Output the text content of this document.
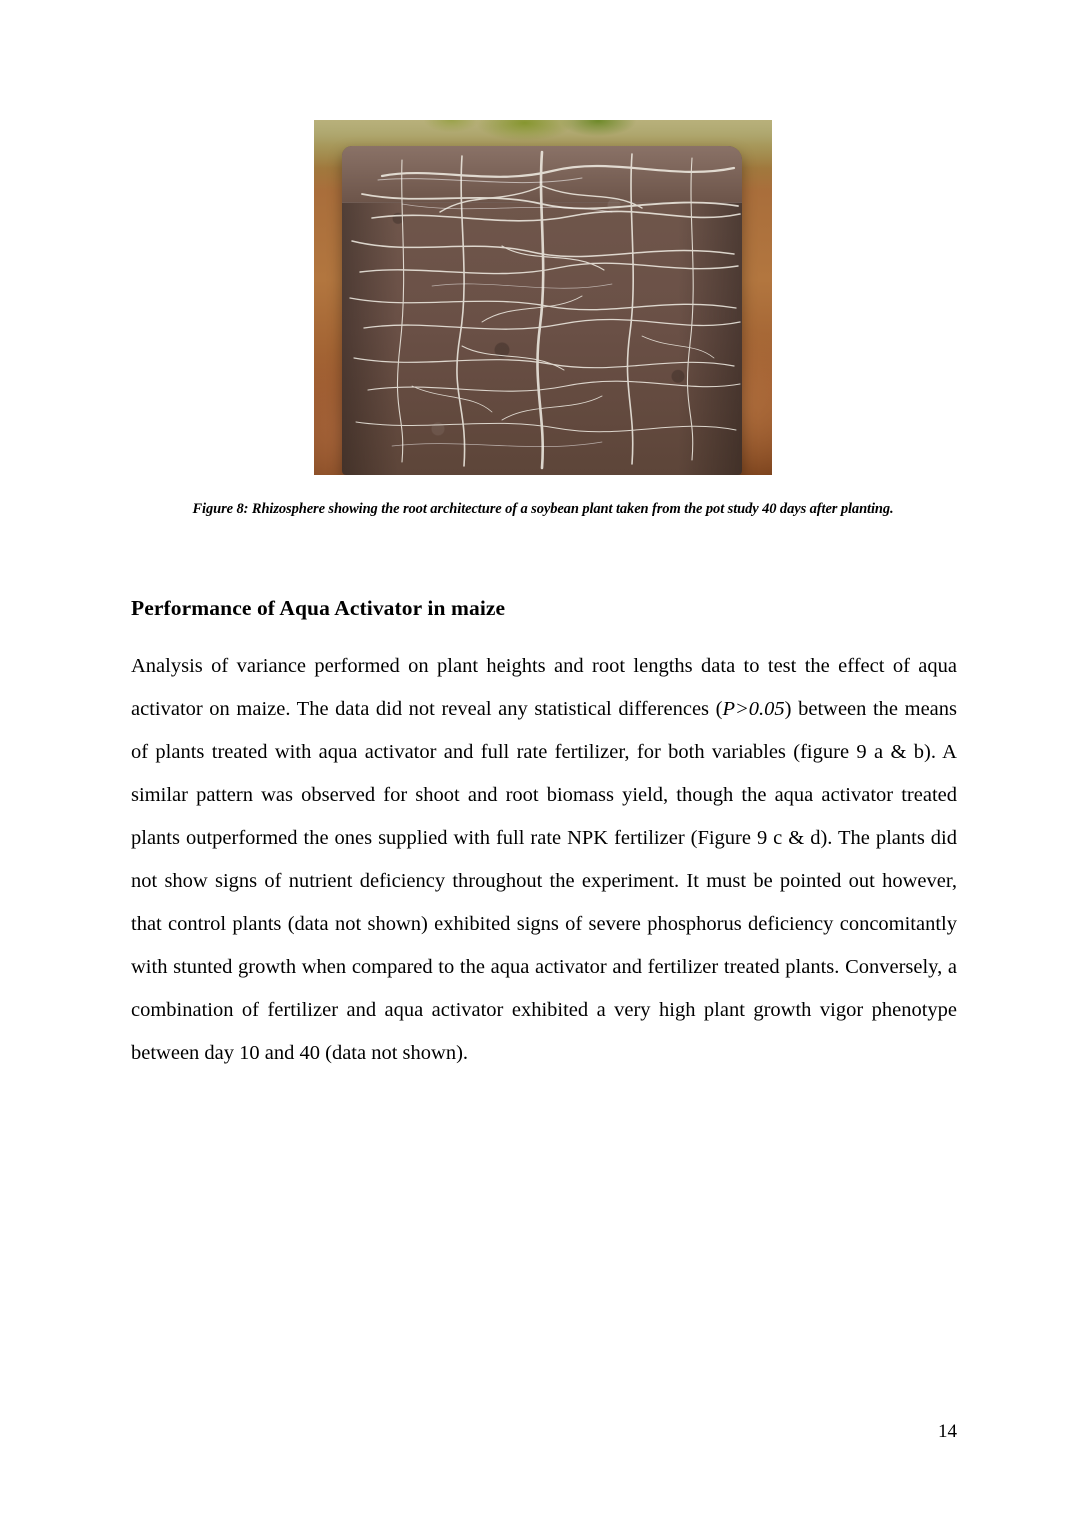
Figure 8: Rhizosphere showing the root architecture of a soybean plant taken from the pot study 40 days after planting.
Performance of Aqua Activator in maize
Analysis of variance performed on plant heights and root lengths data to test the effect of aqua activator on maize. The data did not reveal any statistical differences (P>0.05) between the means of plants treated with aqua activator and full rate fertilizer, for both variables (figure 9 a & b). A similar pattern was observed for shoot and root biomass yield, though the aqua activator treated plants outperformed the ones supplied with full rate NPK fertilizer (Figure 9 c & d). The plants did not show signs of nutrient deficiency throughout the experiment. It must be pointed out however, that control plants (data not shown) exhibited signs of severe phosphorus deficiency concomitantly with stunted growth when compared to the aqua activator and fertilizer treated plants. Conversely, a combination of fertilizer and aqua activator exhibited a very high plant growth vigor phenotype between day 10 and 40 (data not shown).
14
